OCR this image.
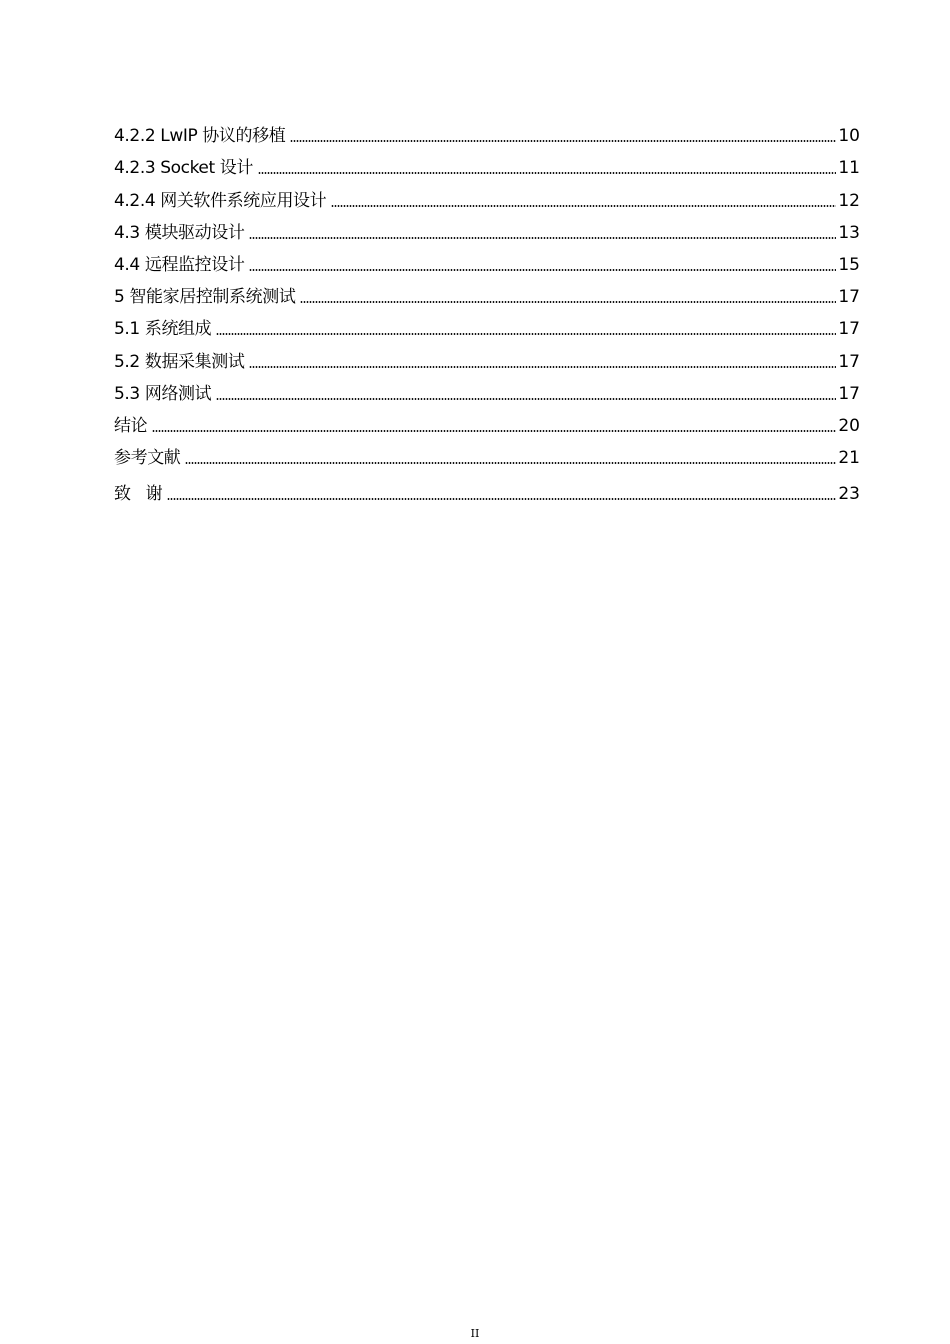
4.2.2 LwIP 协议的移植	10
4.2.3 Socket 设计	11
4.2.4 网关软件系统应用设计	12
4.3 模块驱动设计	13
4.4 远程监控设计	15
5 智能家居控制系统测试	17
5.1 系统组成	17
5.2 数据采集测试	17
5.3 网络测试	17
结论	20
参考文献	21
致   谢	23
II
